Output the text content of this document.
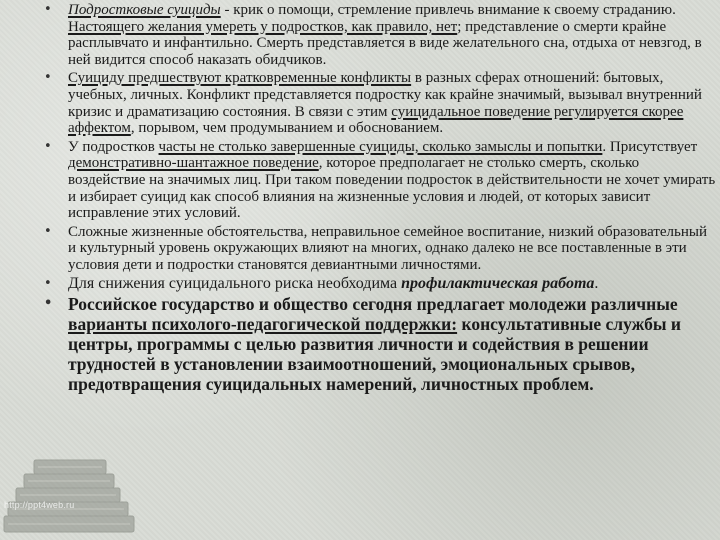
• Подростковые суициды - крик о помощи, стремление привлечь внимание к своему страданию. Настоящего желания умереть у подростков, как правило, нет; представление о смерти крайне расплывчато и инфантильно. Смерть представляется в виде желательного сна, отдыха от невзгод, в ней видится способ наказать обидчиков.
• Суициду предшествуют кратковременные конфликты в разных сферах отношений: бытовых, учебных, личных. Конфликт представляется подростку как крайне значимый, вызывал внутренний кризис и драматизацию состояния. В связи с этим суицидальное поведение регулируется скорее аффектом, порывом, чем продумыванием и обоснованием.
• У подростков часты не столько завершенные суициды, сколько замыслы и попытки. Присутствует демонстративно-шантажное поведение, которое предполагает не столько смерть, сколько воздействие на значимых лиц. При таком поведении подросток в действительности не хочет умирать и избирает суицид как способ влияния на жизненные условия и людей, от которых зависит исправление этих условий.
• Сложные жизненные обстоятельства, неправильное семейное воспитание, низкий образовательный и культурный уровень окружающих влияют на многих, однако далеко не все поставленные в эти условия дети и подростки становятся девиантными личностями.
• Для снижения суицидального риска необходима профилактическая работа.
• Российское государство и общество сегодня предлагает молодежи различные варианты психолого-педагогической поддержки: консультативные службы и центры, программы с целью развития личности и содействия в решении трудностей в установлении взаимоотношений, эмоциональных срывов, предотвращения суицидальных намерений, личностных проблем.
http://ppt4web.ru
